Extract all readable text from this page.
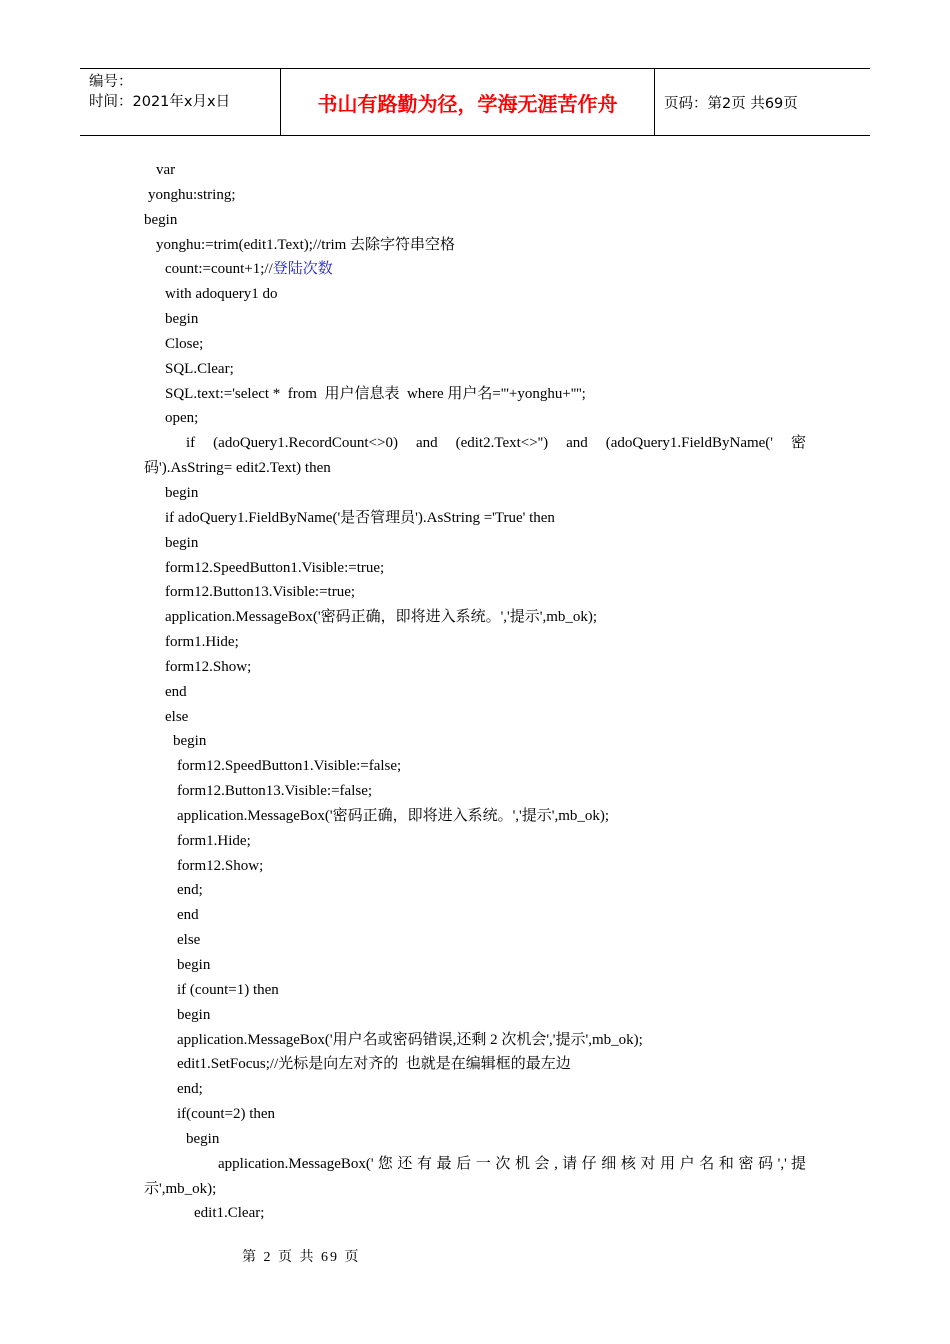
编号：
时间：2021年x月x日	书山有路勤为径，学海无涯苦作舟	页码：第2页 共69页
var
yonghu:string;
begin
yonghu:=trim(edit1.Text);//trim 去除字符串空格
count:=count+1;//登陆次数
with adoquery1 do
begin
Close;
SQL.Clear;
SQL.text:='select *  from  用户信息表  where 用户名='''+yonghu+'''';
open;
if (adoQuery1.RecordCount<>0) and (edit2.Text<>'') and (adoQuery1.FieldByName(' 密
码').AsString= edit2.Text) then
begin
if adoQuery1.FieldByName('是否管理员').AsString ='True' then
begin
form12.SpeedButton1.Visible:=true;
form12.Button13.Visible:=true;
application.MessageBox('密码正确，即将进入系统。','提示',mb_ok);
form1.Hide;
form12.Show;
end
else
begin
form12.SpeedButton1.Visible:=false;
form12.Button13.Visible:=false;
application.MessageBox('密码正确，即将进入系统。','提示',mb_ok);
form1.Hide;
form12.Show;
end;
end
else
begin
if (count=1) then
begin
application.MessageBox('用户名或密码错误,还剩 2 次机会','提示',mb_ok);
edit1.SetFocus;//光标是向左对齐的  也就是在编辑框的最左边
end;
if(count=2) then
begin
application.MessageBox(' 您 还 有 最 后 一 次 机 会 , 请 仔 细 核 对 用 户 名 和 密 码 ',' 提
示',mb_ok);
edit1.Clear;
第 2 页 共 69 页
